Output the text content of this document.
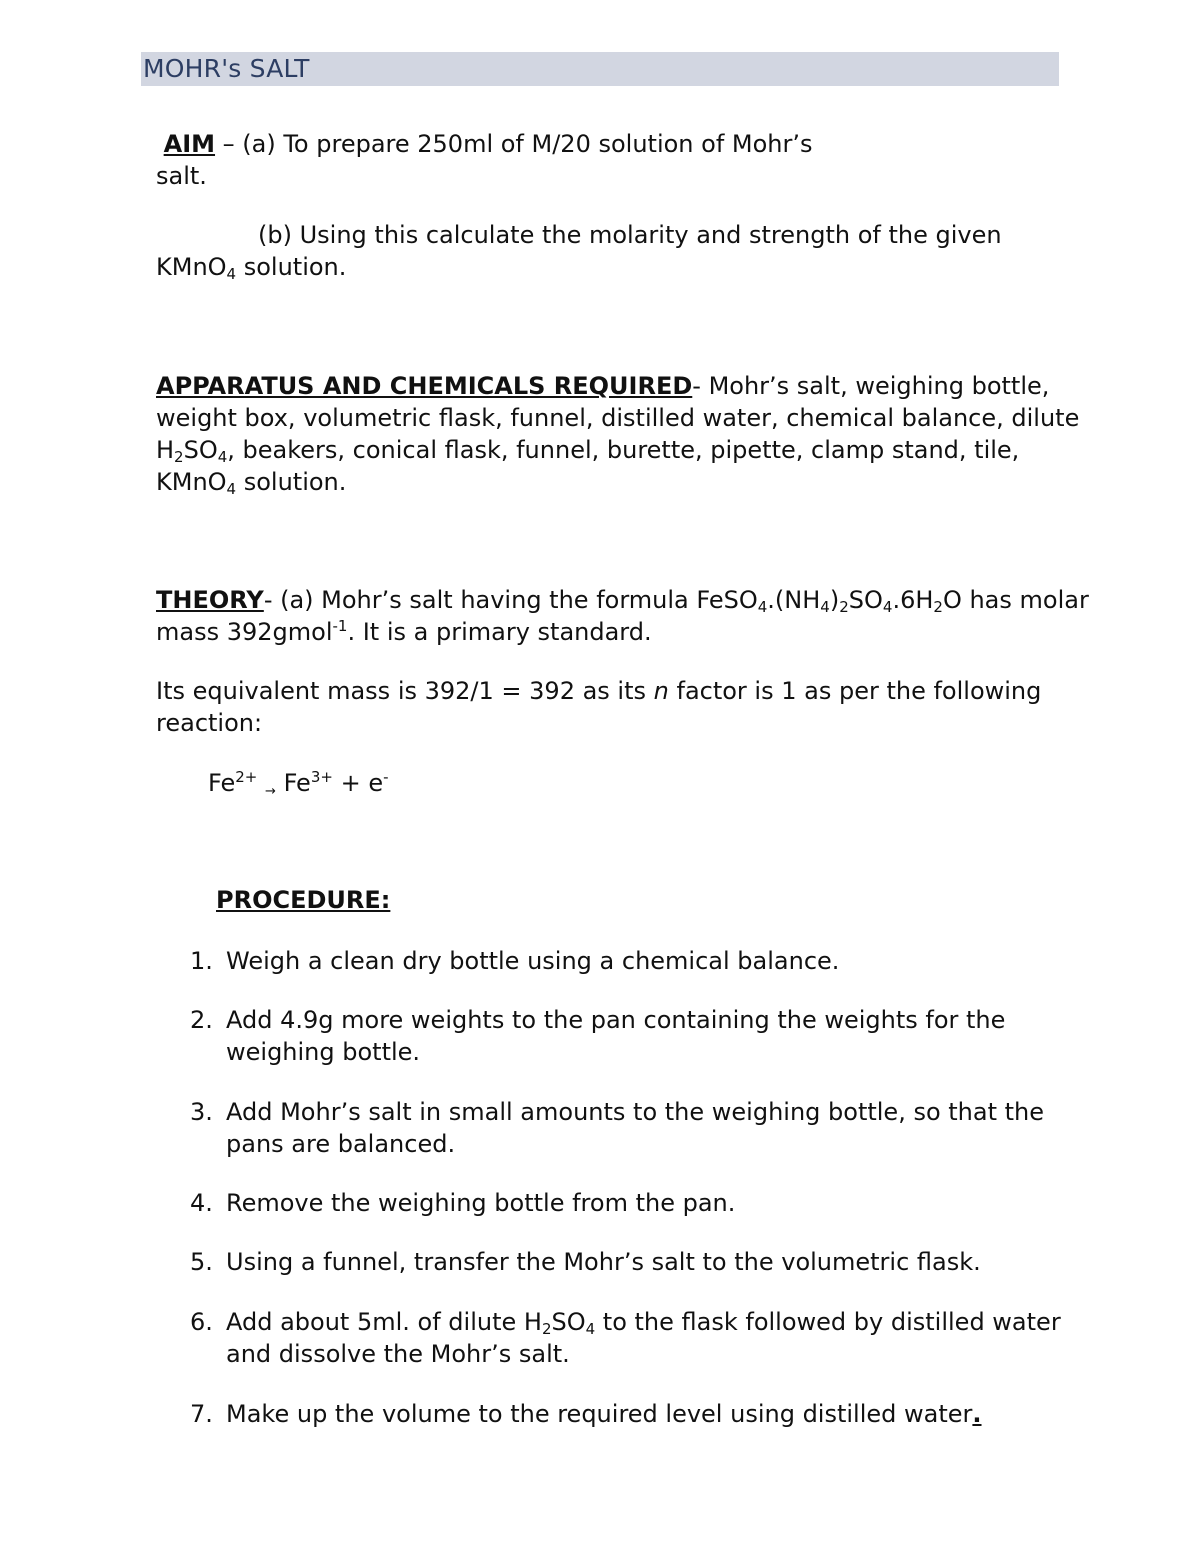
MOHR's SALT
AIM – (a) To prepare 250ml of M/20 solution of Mohr’s
salt.
(b) Using this calculate the molarity and strength of the given
KMnO$_4$ solution.
APPARATUS AND CHEMICALS REQUIRED- Mohr’s salt, weighing bottle,
weight box, volumetric flask, funnel, distilled water, chemical balance, dilute
$H_2SO_4$, beakers, conical flask, funnel, burette, pipette, clamp stand, tile,
KMnO$_4$ solution.
THEORY- (a) Mohr’s salt having the formula $FeSO_4.(NH_4)_2SO_4.6H_2O$ has molar
mass 392gmol$^{-1}$. It is a primary standard.
Its equivalent mass is 392/1 = 392 as its n factor is 1 as per the following
reaction:
$Fe^{2+} \to Fe^{3+} + e^-$
PROCEDURE:
1. Weigh a clean dry bottle using a chemical balance.
2. Add 4.9g more weights to the pan containing the weights for the
weighing bottle.
3. Add Mohr’s salt in small amounts to the weighing bottle, so that the
pans are balanced.
4. Remove the weighing bottle from the pan.
5. Using a funnel, transfer the Mohr’s salt to the volumetric flask.
6. Add about 5ml. of dilute $H_2SO_4$ to the flask followed by distilled water
and dissolve the Mohr’s salt.
7. Make up the volume to the required level using distilled water.
